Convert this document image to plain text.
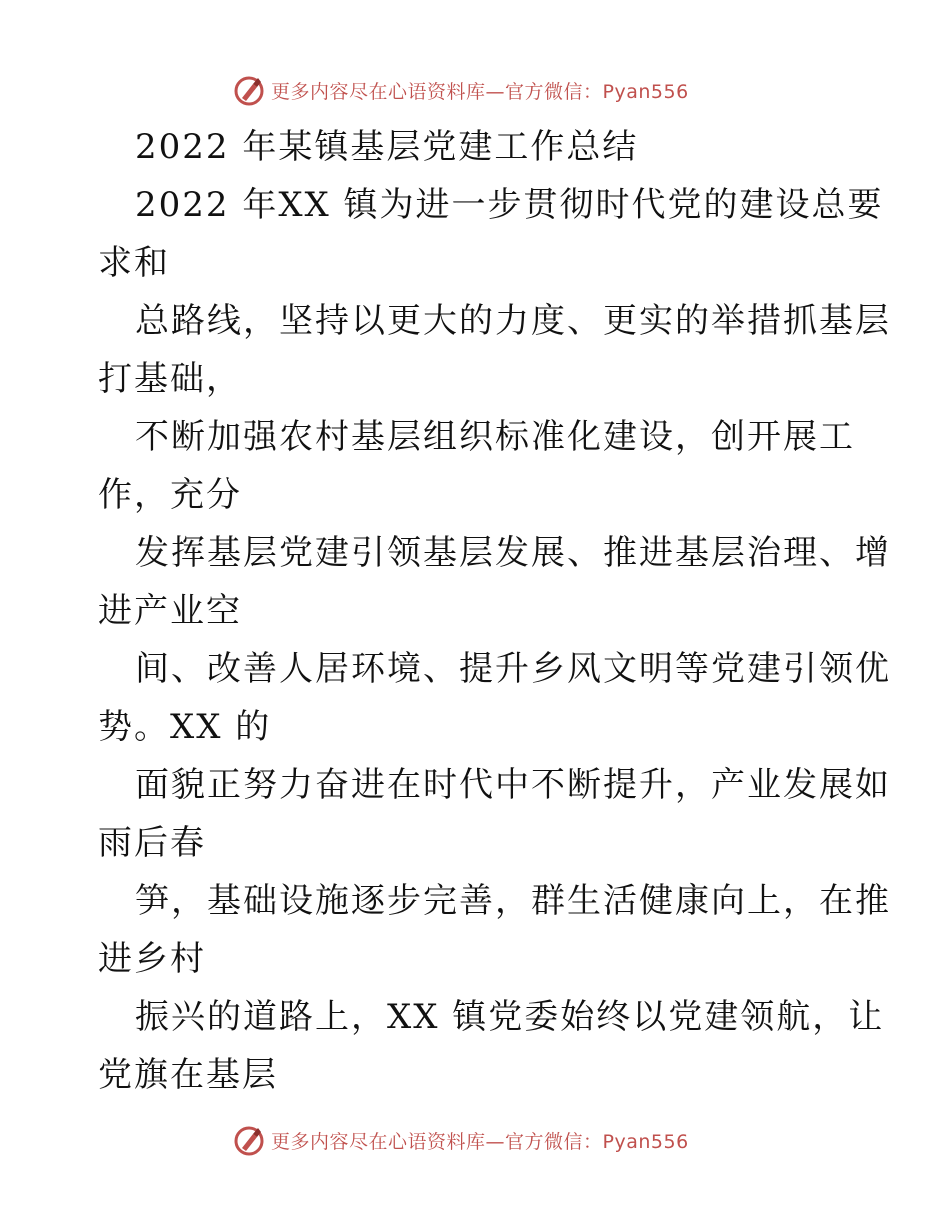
更多内容尽在心语资料库—官方微信：Pyan556
2022 年某镇基层党建工作总结
2022 年XX 镇为进一步贯彻时代党的建设总要
求和
总路线，坚持以更大的力度、更实的举措抓基层
打基础，
不断加强农村基层组织标准化建设，创开展工
作，充分
发挥基层党建引领基层发展、推进基层治理、增
进产业空
间、改善人居环境、提升乡风文明等党建引领优
势。XX 的
面貌正努力奋进在时代中不断提升，产业发展如
雨后春
笋，基础设施逐步完善，群生活健康向上，在推
进乡村
振兴的道路上，XX 镇党委始终以党建领航，让
党旗在基层
更多内容尽在心语资料库—官方微信：Pyan556
